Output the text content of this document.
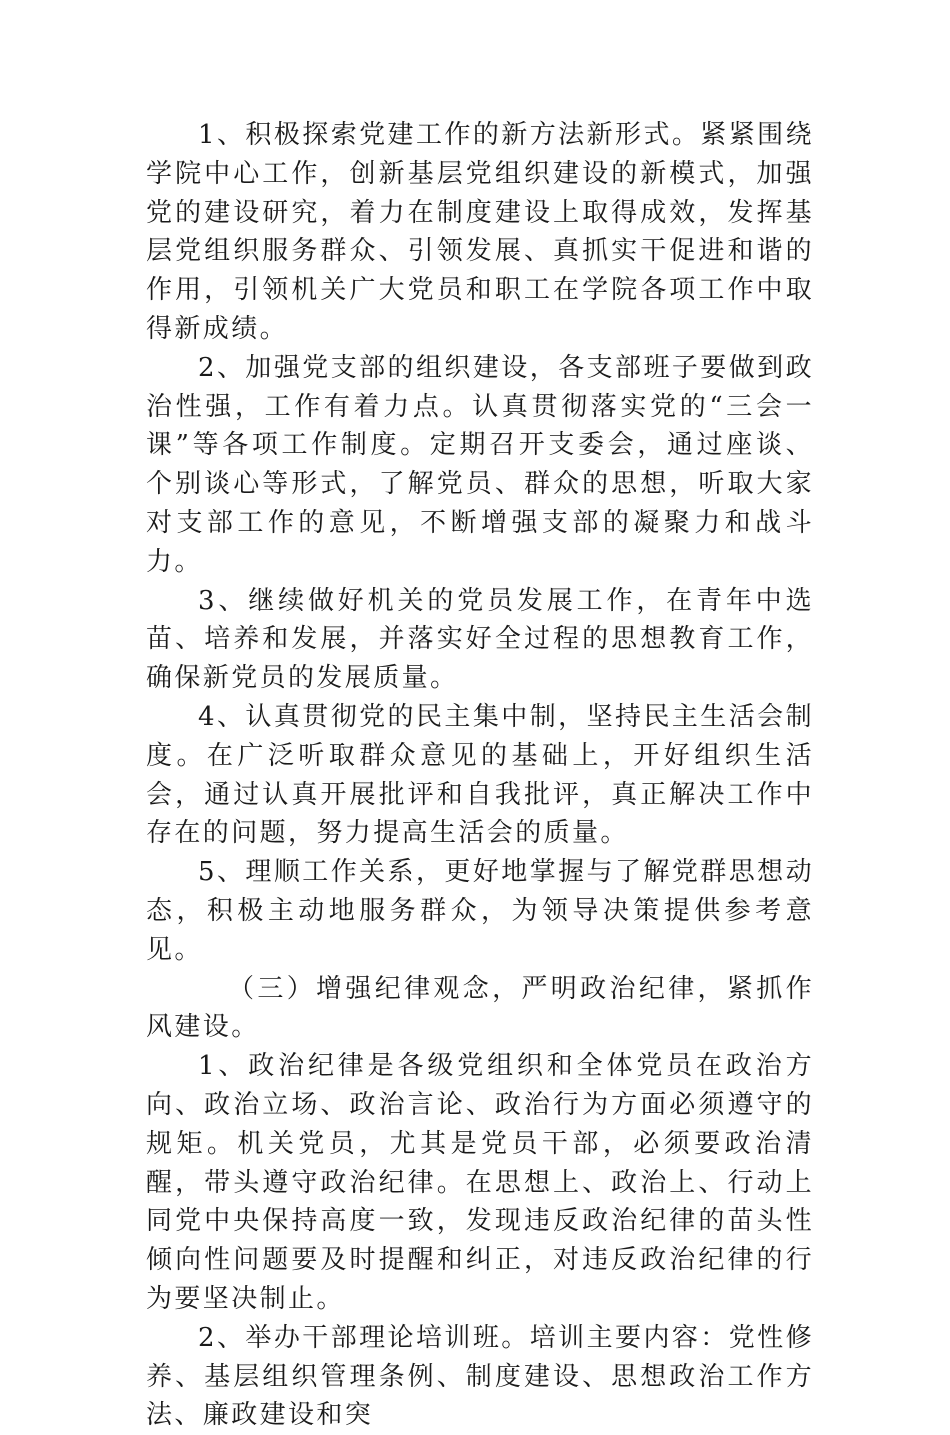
1、积极探索党建工作的新方法新形式。紧紧围绕学院中心工作，创新基层党组织建设的新模式，加强党的建设研究，着力在制度建设上取得成效，发挥基层党组织服务群众、引领发展、真抓实干促进和谐的作用，引领机关广大党员和职工在学院各项工作中取得新成绩。

2、加强党支部的组织建设，各支部班子要做到政治性强，工作有着力点。认真贯彻落实党的“三会一课”等各项工作制度。定期召开支委会，通过座谈、个别谈心等形式，了解党员、群众的思想，听取大家对支部工作的意见，不断增强支部的凝聚力和战斗力。

3、继续做好机关的党员发展工作，在青年中选苗、培养和发展，并落实好全过程的思想教育工作，确保新党员的发展质量。

4、认真贯彻党的民主集中制，坚持民主生活会制度。在广泛听取群众意见的基础上，开好组织生活会，通过认真开展批评和自我批评，真正解决工作中存在的问题，努力提高生活会的质量。

5、理顺工作关系，更好地掌握与了解党群思想动态，积极主动地服务群众，为领导决策提供参考意见。

（三）增强纪律观念，严明政治纪律，紧抓作风建设。

1、政治纪律是各级党组织和全体党员在政治方向、政治立场、政治言论、政治行为方面必须遵守的规矩。机关党员，尤其是党员干部，必须要政治清醒，带头遵守政治纪律。在思想上、政治上、行动上同党中央保持高度一致，发现违反政治纪律的苗头性倾向性问题要及时提醒和纠正，对违反政治纪律的行为要坚决制止。

2、举办干部理论培训班。培训主要内容：党性修养、基层组织管理条例、制度建设、思想政治工作方法、廉政建设和突
